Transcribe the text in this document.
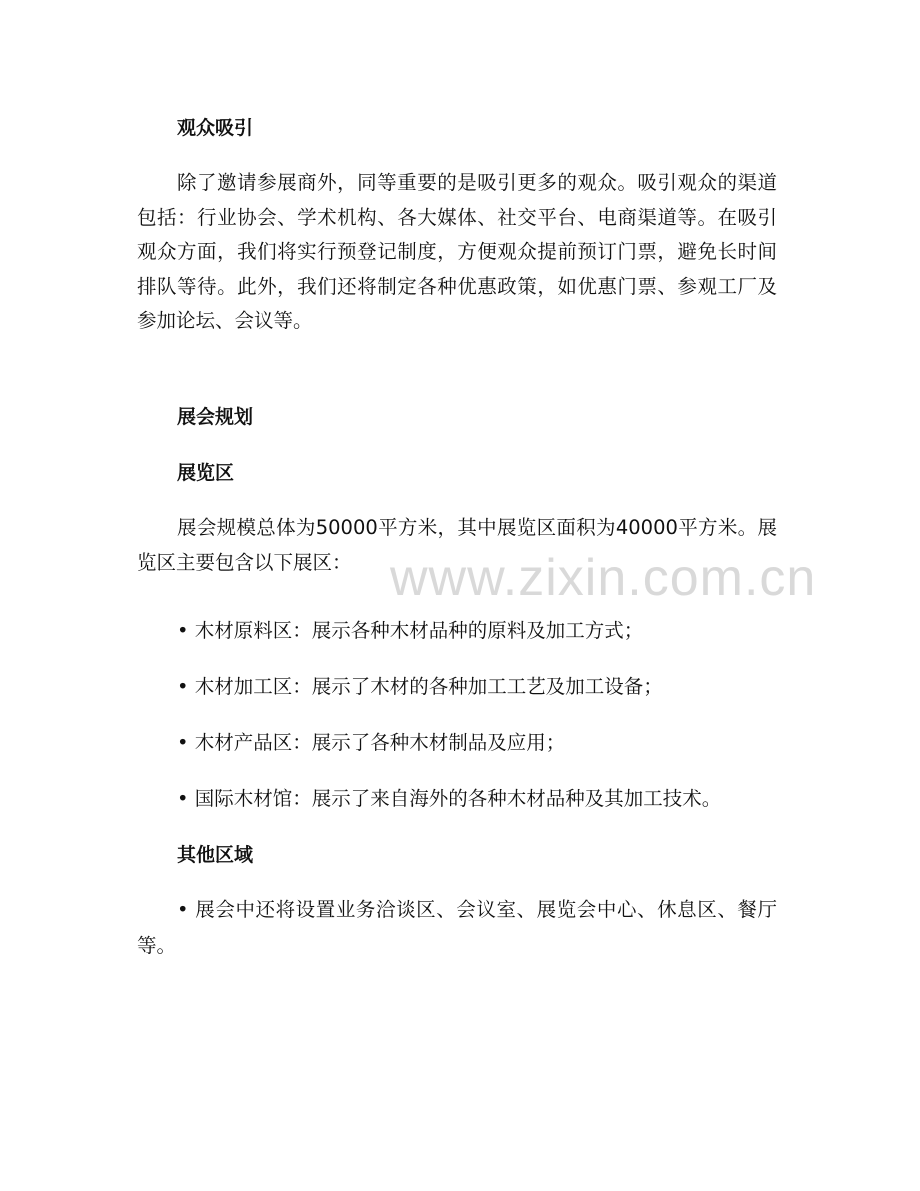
观众吸引
除了邀请参展商外，同等重要的是吸引更多的观众。吸引观众的渠道包括：行业协会、学术机构、各大媒体、社交平台、电商渠道等。在吸引观众方面，我们将实行预登记制度，方便观众提前预订门票，避免长时间排队等待。此外，我们还将制定各种优惠政策，如优惠门票、参观工厂及参加论坛、会议等。
展会规划
展览区
展会规模总体为50000平方米，其中展览区面积为40000平方米。展览区主要包含以下展区：
• 木材原料区：展示各种木材品种的原料及加工方式；
• 木材加工区：展示了木材的各种加工工艺及加工设备；
• 木材产品区：展示了各种木材制品及应用；
• 国际木材馆：展示了来自海外的各种木材品种及其加工技术。
其他区域
• 展会中还将设置业务洽谈区、会议室、展览会中心、休息区、餐厅等。
www.zixin.com.cn
